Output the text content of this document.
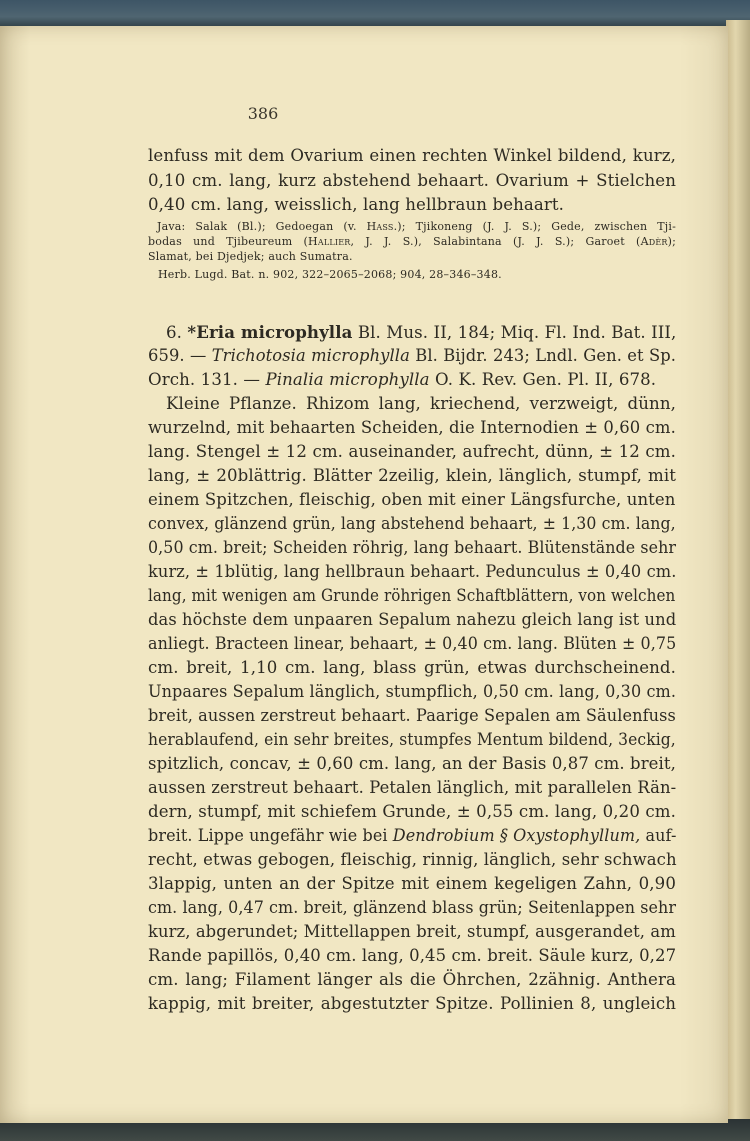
386
lenfuss mit dem Ovarium einen rechten Winkel bildend, kurz,
0,10 cm. lang, kurz abstehend behaart. Ovarium + Stielchen
0,40 cm. lang, weisslich, lang hellbraun behaart.
Java: Salak (Bl.); Gedoegan (v. Hass.); Tjikoneng (J. J. S.); Gede, zwischen Tji-
bodas und Tjibeureum (Hallier, J. J. S.), Salabintana (J. J. S.); Garoet (Adèr);
Slamat, bei Djedjek; auch Sumatra.
Herb. Lugd. Bat. n. 902, 322–2065–2068; 904, 28–346–348.
6. *Eria microphylla Bl. Mus. II, 184; Miq. Fl. Ind. Bat. III,
659. — Trichotosia microphylla Bl. Bijdr. 243; Lndl. Gen. et Sp.
Orch. 131. — Pinalia microphylla O. K. Rev. Gen. Pl. II, 678.
Kleine Pflanze. Rhizom lang, kriechend, verzweigt, dünn,
wurzelnd, mit behaarten Scheiden, die Internodien ± 0,60 cm.
lang. Stengel ± 12 cm. auseinander, aufrecht, dünn, ± 12 cm.
lang, ± 20blättrig. Blätter 2zeilig, klein, länglich, stumpf, mit
einem Spitzchen, fleischig, oben mit einer Längsfurche, unten
convex, glänzend grün, lang abstehend behaart, ± 1,30 cm. lang,
0,50 cm. breit; Scheiden röhrig, lang behaart. Blütenstände sehr
kurz, ± 1blütig, lang hellbraun behaart. Pedunculus ± 0,40 cm.
lang, mit wenigen am Grunde röhrigen Schaftblättern, von welchen
das höchste dem unpaaren Sepalum nahezu gleich lang ist und
anliegt. Bracteen linear, behaart, ± 0,40 cm. lang. Blüten ± 0,75
cm. breit, 1,10 cm. lang, blass grün, etwas durchscheinend.
Unpaares Sepalum länglich, stumpflich, 0,50 cm. lang, 0,30 cm.
breit, aussen zerstreut behaart. Paarige Sepalen am Säulenfuss
herablaufend, ein sehr breites, stumpfes Mentum bildend, 3eckig,
spitzlich, concav, ± 0,60 cm. lang, an der Basis 0,87 cm. breit,
aussen zerstreut behaart. Petalen länglich, mit parallelen Rän-
dern, stumpf, mit schiefem Grunde, ± 0,55 cm. lang, 0,20 cm.
breit. Lippe ungefähr wie bei Dendrobium § Oxystophyllum, auf-
recht, etwas gebogen, fleischig, rinnig, länglich, sehr schwach
3lappig, unten an der Spitze mit einem kegeligen Zahn, 0,90
cm. lang, 0,47 cm. breit, glänzend blass grün; Seitenlappen sehr
kurz, abgerundet; Mittellappen breit, stumpf, ausgerandet, am
Rande papillös, 0,40 cm. lang, 0,45 cm. breit. Säule kurz, 0,27
cm. lang; Filament länger als die Öhrchen, 2zähnig. Anthera
kappig, mit breiter, abgestutzter Spitze. Pollinien 8, ungleich
